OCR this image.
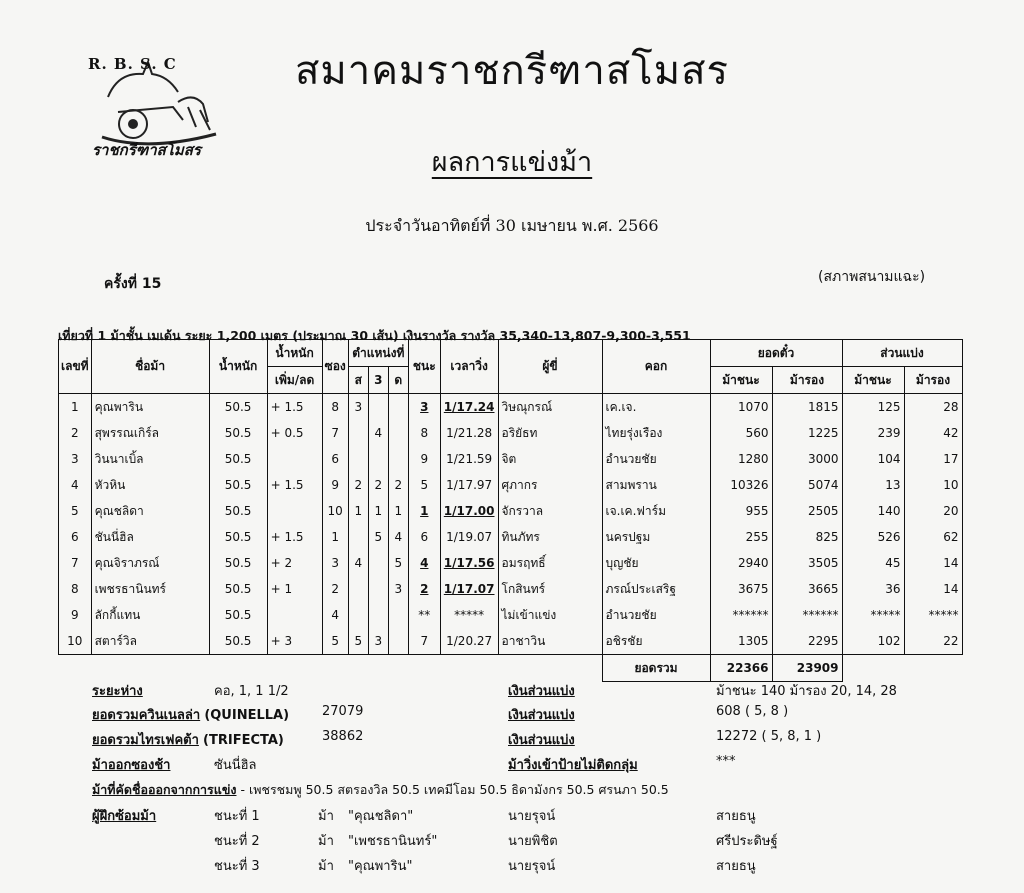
R. B. S. C
ราชกรีฑาสโมสร
สมาคมราชกรีฑาสโมสร
ผลการแข่งม้า
ประจำวันอาทิตย์ที่ 30 เมษายน พ.ศ. 2566
ครั้งที่ 15	(สภาพสนามแฉะ)
เที่ยวที่ 1 ม้าชั้น เมเด้น ระยะ 1,200 เมตร (ประมาณ 30 เส้น) เงินรางวัล รางวัล 35,340-13,807-9,300-3,551
เลขที่	ชื่อม้า	น้ำหนัก	น้ำหนัก	ซอง	ตำแหน่งที่			ชนะ	เวลาวิ่ง	ผู้ขี่	คอก	ยอดตั๋ว		ส่วนแบ่ง	
			เพิ่ม/ลด		ส	3	ด					ม้าชนะ	ม้ารอง	ม้าชนะ	ม้ารอง
1	คุณพาริน	50.5	+ 1.5	8	3			3	1/17.24	วิษณุกรณ์	เค.เจ.	1070	1815	125	28
2	สุพรรณเกิร์ล	50.5	+ 0.5	7		4		8	1/21.28	อริยัธท	ไทยรุ่งเรือง	560	1225	239	42
3	วินนาเบิ้ล	50.5		6				9	1/21.59	จิต	อำนวยชัย	1280	3000	104	17
4	หัวหิน	50.5	+ 1.5	9	2	2	2	5	1/17.97	ศุภากร	สามพราน	10326	5074	13	10
5	คุณชลิดา	50.5		10	1	1	1	1	1/17.00	จักรวาล	เจ.เค.ฟาร์ม	955	2505	140	20
6	ชันนี่ฮิล	50.5	+ 1.5	1		5	4	6	1/19.07	ทินภัทร	นครปฐม	255	825	526	62
7	คุณจิราภรณ์	50.5	+ 2	3	4		5	4	1/17.56	อมรฤทธิ์	บุญชัย	2940	3505	45	14
8	เพชรธานินทร์	50.5	+ 1	2			3	2	1/17.07	โกสินทร์	ภรณ์ประเสริฐ	3675	3665	36	14
9	ลักกี้แทน	50.5		4				**	*****	ไม่เข้าแข่ง	อำนวยชัย	******	******	*****	*****
10	สตาร์วิล	50.5	+ 3	5	5	3		7	1/20.27	อาชาวิน	อชิรชัย	1305	2295	102	22
											ยอดรวม	22366	23909		
ระยะห่าง	คอ, 1, 1 1/2
ยอดรวมควินเนลล่า (QUINELLA)	27079
ยอดรวมไทรเฟคต้า (TRIFECTA)	38862
ม้าออกซองช้า	ซันนี่ฮิล
เงินส่วนแบ่ง	ม้าชนะ 140 ม้ารอง 20, 14, 28
เงินส่วนแบ่ง	608 ( 5, 8 )
เงินส่วนแบ่ง	12272 ( 5, 8, 1 )
ม้าวิ่งเข้าป้ายไม่ติดกลุ่ม	***
ม้าที่คัดชื่อออกจากการแข่ง - เพชรชมพู 50.5 สตรองวิล 50.5 เทคมีโอม 50.5 ธิดามังกร 50.5 ศรนภา 50.5
ผู้ฝึกซ้อมม้า	ชนะที่ 1	ม้า "คุณชลิดา"	นายรุจน์	สายธนู
ชนะที่ 2	ม้า "เพชรธานินทร์"	นายพิชิต	ศรีประดิษฐ์
ชนะที่ 3	ม้า "คุณพาริน"	นายรุจน์	สายธนู
